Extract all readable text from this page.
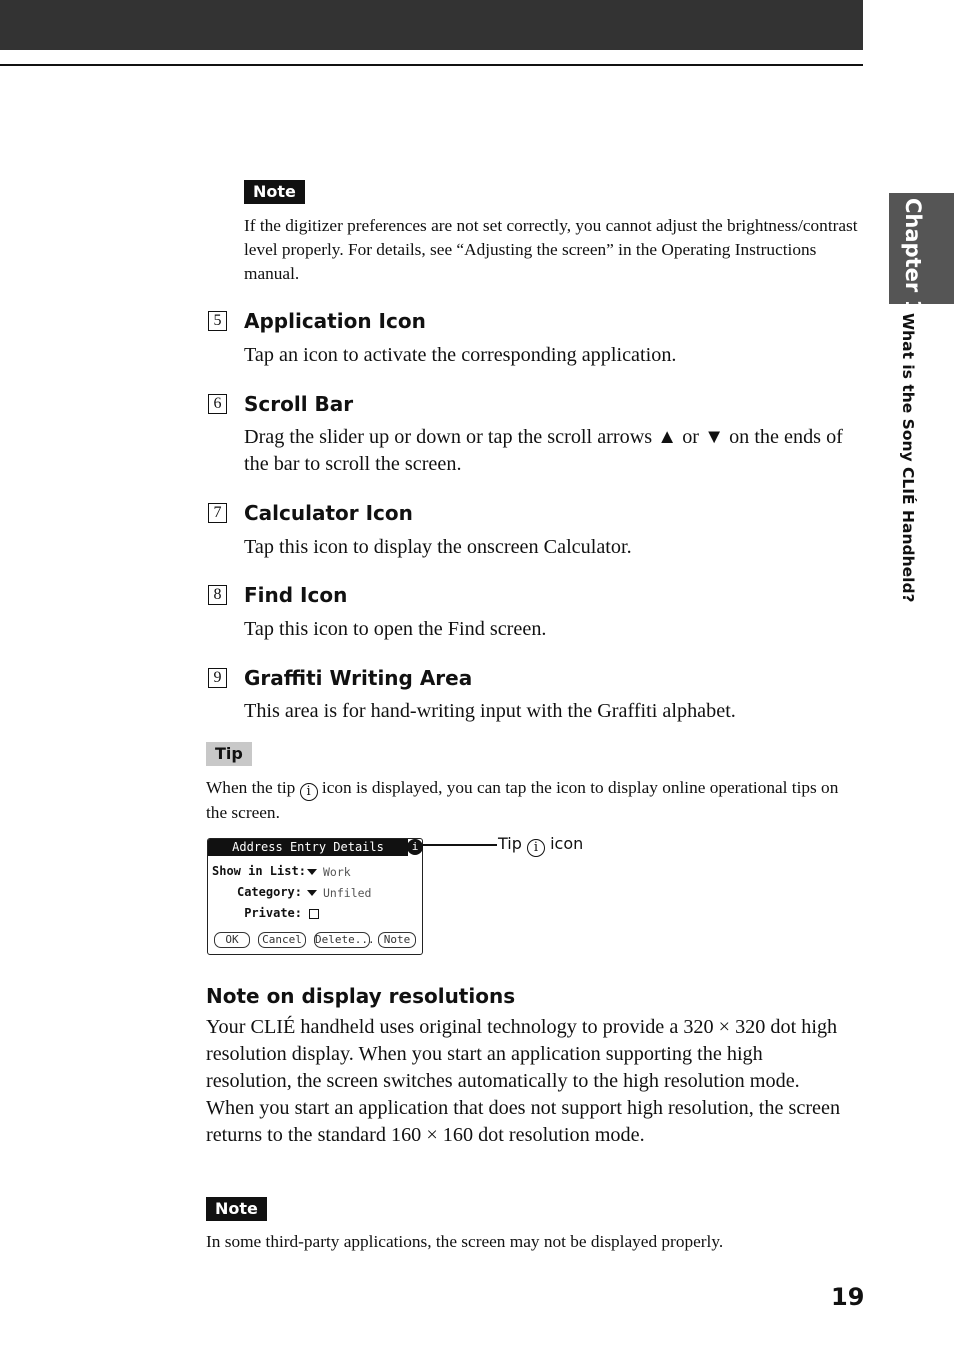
Chapter 1
What is the Sony CLIÉ Handheld?
Note

If the digitizer preferences are not set correctly, you cannot adjust the brightness/contrast level properly. For details, see “Adjusting the screen” in the Operating Instructions manual.

5 Application Icon

Tap an icon to activate the corresponding application.

6 Scroll Bar

Drag the slider up or down or tap the scroll arrows ▲ or ▼ on the ends of the bar to scroll the screen.

7 Calculator Icon

Tap this icon to display the onscreen Calculator.

8 Find Icon

Tap this icon to open the Find screen.

9 Graffiti Writing Area

This area is for hand-writing input with the Graffiti alphabet.

Tip

When the tip i icon is displayed, you can tap the icon to display online operational tips on the screen.

Address Entry Details	i
Show in List: Work
Category: Unfiled
Private:
OK	Cancel	Delete... Note
Tip i icon
Note on display resolutions

Your CLIÉ handheld uses original technology to provide a 320 × 320 dot high resolution display. When you start an application supporting the high resolution, the screen switches automatically to the high resolution mode. When you start an application that does not support high resolution, the screen returns to the standard 160 × 160 dot resolution mode.

Note

In some third-party applications, the screen may not be displayed properly.

19
